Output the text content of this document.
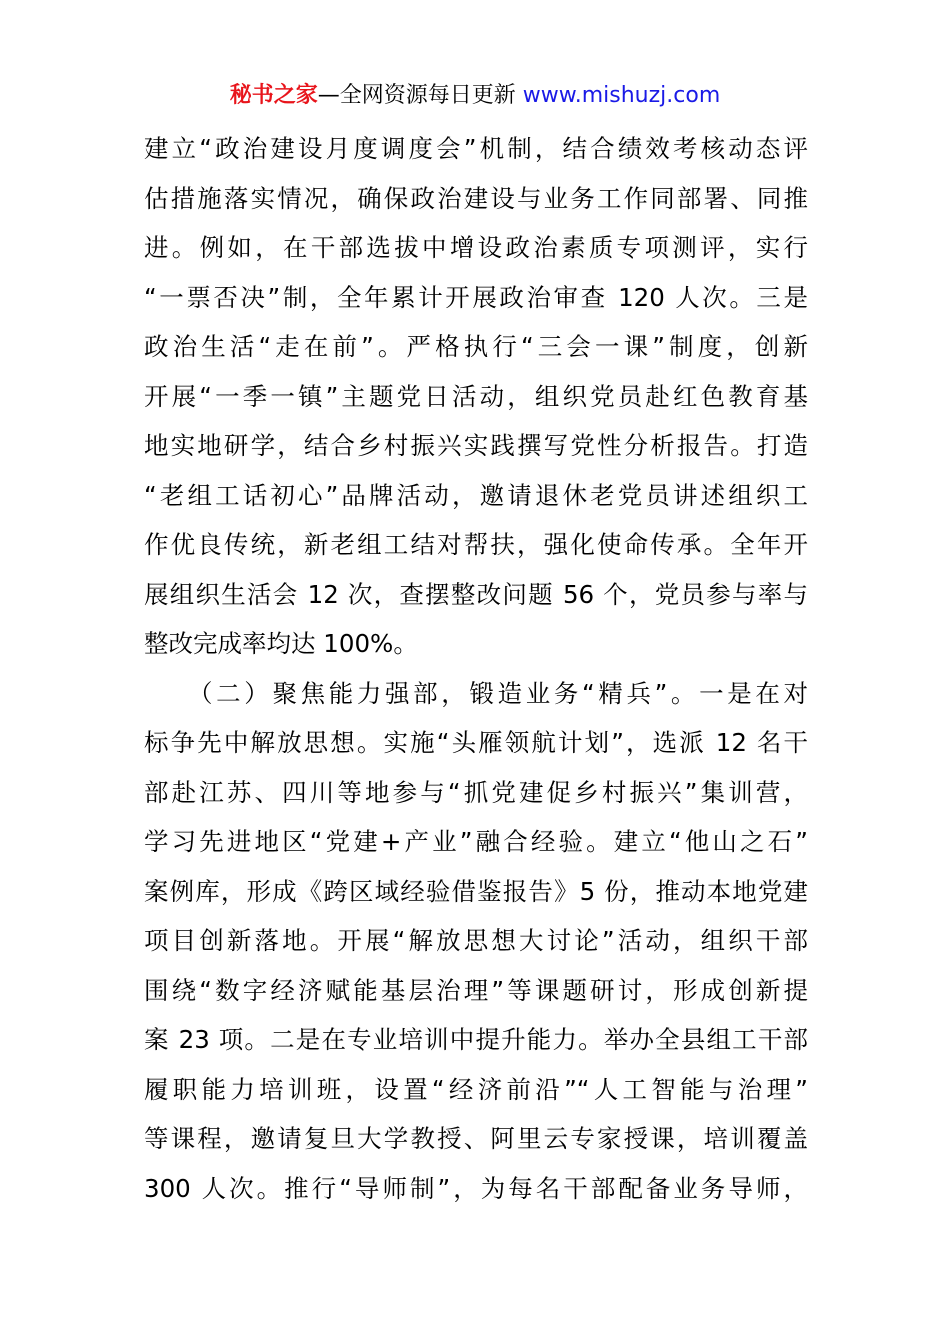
秘书之家—全网资源每日更新 www.mishuzj.com
建立“政治建设月度调度会”机制，结合绩效考核动态评
估措施落实情况，确保政治建设与业务工作同部署、同推
进。例如，在干部选拔中增设政治素质专项测评，实行
“一票否决”制，全年累计开展政治审查 120 人次。三是
政治生活“走在前”。严格执行“三会一课”制度，创新
开展“一季一镇”主题党日活动，组织党员赴红色教育基
地实地研学，结合乡村振兴实践撰写党性分析报告。打造
“老组工话初心”品牌活动，邀请退休老党员讲述组织工
作优良传统，新老组工结对帮扶，强化使命传承。全年开
展组织生活会 12 次，查摆整改问题 56 个，党员参与率与
整改完成率均达 100%。
　　（二）聚焦能力强部，锻造业务“精兵”。一是在对
标争先中解放思想。实施“头雁领航计划”，选派 12 名干
部赴江苏、四川等地参与“抓党建促乡村振兴”集训营，
学习先进地区“党建+产业”融合经验。建立“他山之石”
案例库，形成《跨区域经验借鉴报告》5 份，推动本地党建
项目创新落地。开展“解放思想大讨论”活动，组织干部
围绕“数字经济赋能基层治理”等课题研讨，形成创新提
案 23 项。二是在专业培训中提升能力。举办全县组工干部
履职能力培训班，设置“经济前沿”“人工智能与治理”
等课程，邀请复旦大学教授、阿里云专家授课，培训覆盖
300 人次。推行“导师制”，为每名干部配备业务导师，
